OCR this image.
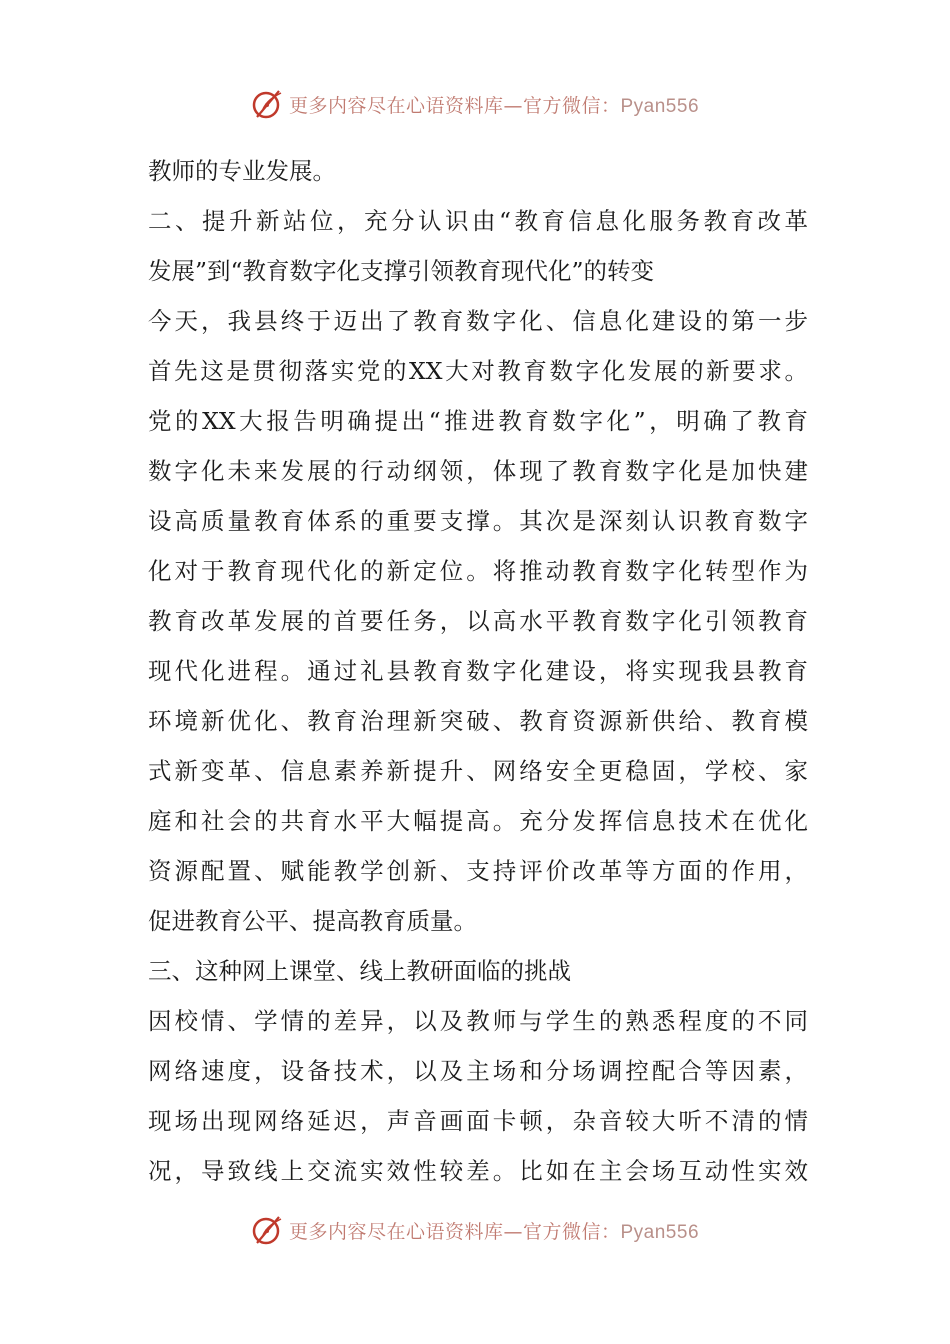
更多内容尽在心语资料库—官方微信：Pyan556
教师的专业发展。
二、提升新站位，充分认识由“教育信息化服务教育改革
发展”到“教育数字化支撑引领教育现代化”的转变
今天，我县终于迈出了教育数字化、信息化建设的第一步
首先这是贯彻落实党的XX大对教育数字化发展的新要求。
党的XX大报告明确提出“推进教育数字化”，明确了教育
数字化未来发展的行动纲领，体现了教育数字化是加快建
设高质量教育体系的重要支撑。其次是深刻认识教育数字
化对于教育现代化的新定位。将推动教育数字化转型作为
教育改革发展的首要任务，以高水平教育数字化引领教育
现代化进程。通过礼县教育数字化建设，将实现我县教育
环境新优化、教育治理新突破、教育资源新供给、教育模
式新变革、信息素养新提升、网络安全更稳固，学校、家
庭和社会的共育水平大幅提高。充分发挥信息技术在优化
资源配置、赋能教学创新、支持评价改革等方面的作用，
促进教育公平、提高教育质量。
三、这种网上课堂、线上教研面临的挑战
因校情、学情的差异，以及教师与学生的熟悉程度的不同
网络速度，设备技术，以及主场和分场调控配合等因素，
现场出现网络延迟，声音画面卡顿，杂音较大听不清的情
况，导致线上交流实效性较差。比如在主会场互动性实效
更多内容尽在心语资料库—官方微信：Pyan556
